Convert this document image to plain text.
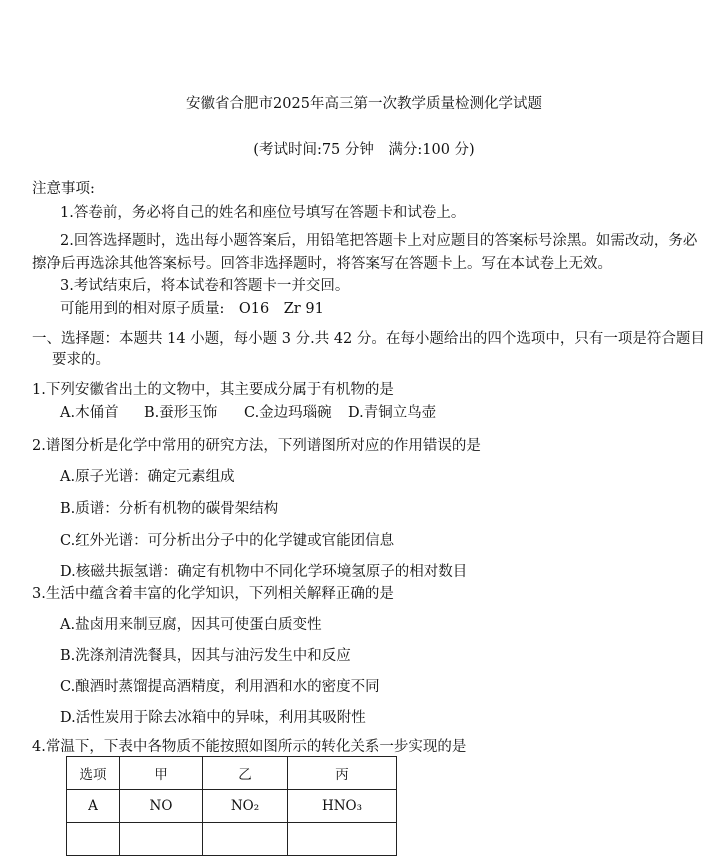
安徽省合肥市2025年高三第一次教学质量检测化学试题
(考试时间:75 分钟　满分:100 分)
注意事项:
1.答卷前，务必将自己的姓名和座位号填写在答题卡和试卷上。
2.回答选择题时，选出每小题答案后，用铅笔把答题卡上对应题目的答案标号涂黑。如需改动，务必
擦净后再选涂其他答案标号。回答非选择题时，将答案写在答题卡上。写在本试卷上无效。
3.考试结束后，将本试卷和答题卡一并交回。
可能用到的相对原子质量:　O16　Zr 91
一、选择题：本题共 14 小题，每小题 3 分.共 42 分。在每小题给出的四个选项中，只有一项是符合题目
要求的。
1.下列安徽省出土的文物中，其主要成分属于有机物的是
A.木俑首 B.蚕形玉饰 C.金边玛瑙碗 D.青铜立鸟壶
2.谱图分析是化学中常用的研究方法，下列谱图所对应的作用错误的是
A.原子光谱：确定元素组成
B.质谱：分析有机物的碳骨架结构
C.红外光谱：可分析出分子中的化学键或官能团信息
D.核磁共振氢谱：确定有机物中不同化学环境氢原子的相对数目
3.生活中蕴含着丰富的化学知识，下列相关解释正确的是
A.盐卤用来制豆腐，因其可使蛋白质变性
B.洗涤剂清洗餐具，因其与油污发生中和反应
C.酿酒时蒸馏提高酒精度，利用酒和水的密度不同
D.活性炭用于除去冰箱中的异味，利用其吸附性
4.常温下，下表中各物质不能按照如图所示的转化关系一步实现的是
选项	甲	乙	丙
A	NO	NO₂	HNO₃
